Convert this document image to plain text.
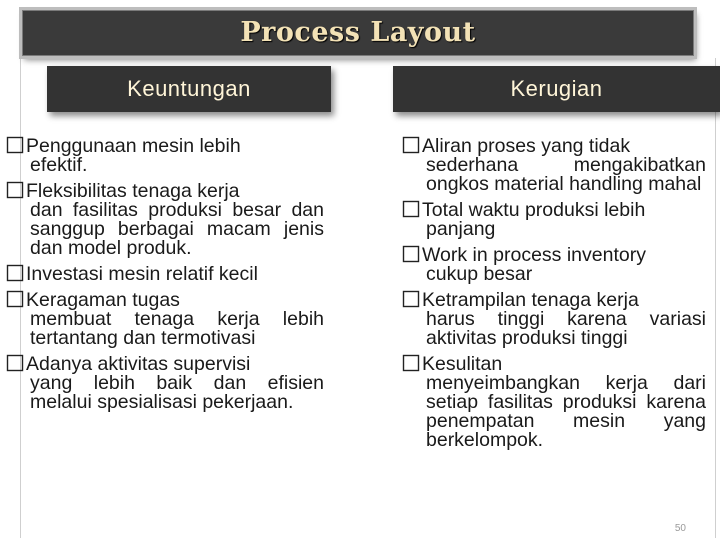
Process Layout
Keuntungan	Kerugian
Penggunaan mesin lebih
efektif.
Fleksibilitas tenaga kerja
dan fasilitas produksi besar dan sanggup berbagai macam jenis dan model produk.
Investasi mesin relatif kecil
Keragaman tugas
membuat tenaga kerja lebih tertantang dan termotivasi
Adanya aktivitas supervisi
yang lebih baik dan efisien melalui spesialisasi pekerjaan.
Aliran proses yang tidak
sederhana mengakibatkan ongkos material handling mahal
Total waktu produksi lebih
panjang
Work in process inventory
cukup besar
Ketrampilan tenaga kerja
harus tinggi karena variasi aktivitas produksi tinggi
Kesulitan
menyeimbangkan kerja dari setiap fasilitas produksi karena penempatan mesin yang berkelompok.
50
